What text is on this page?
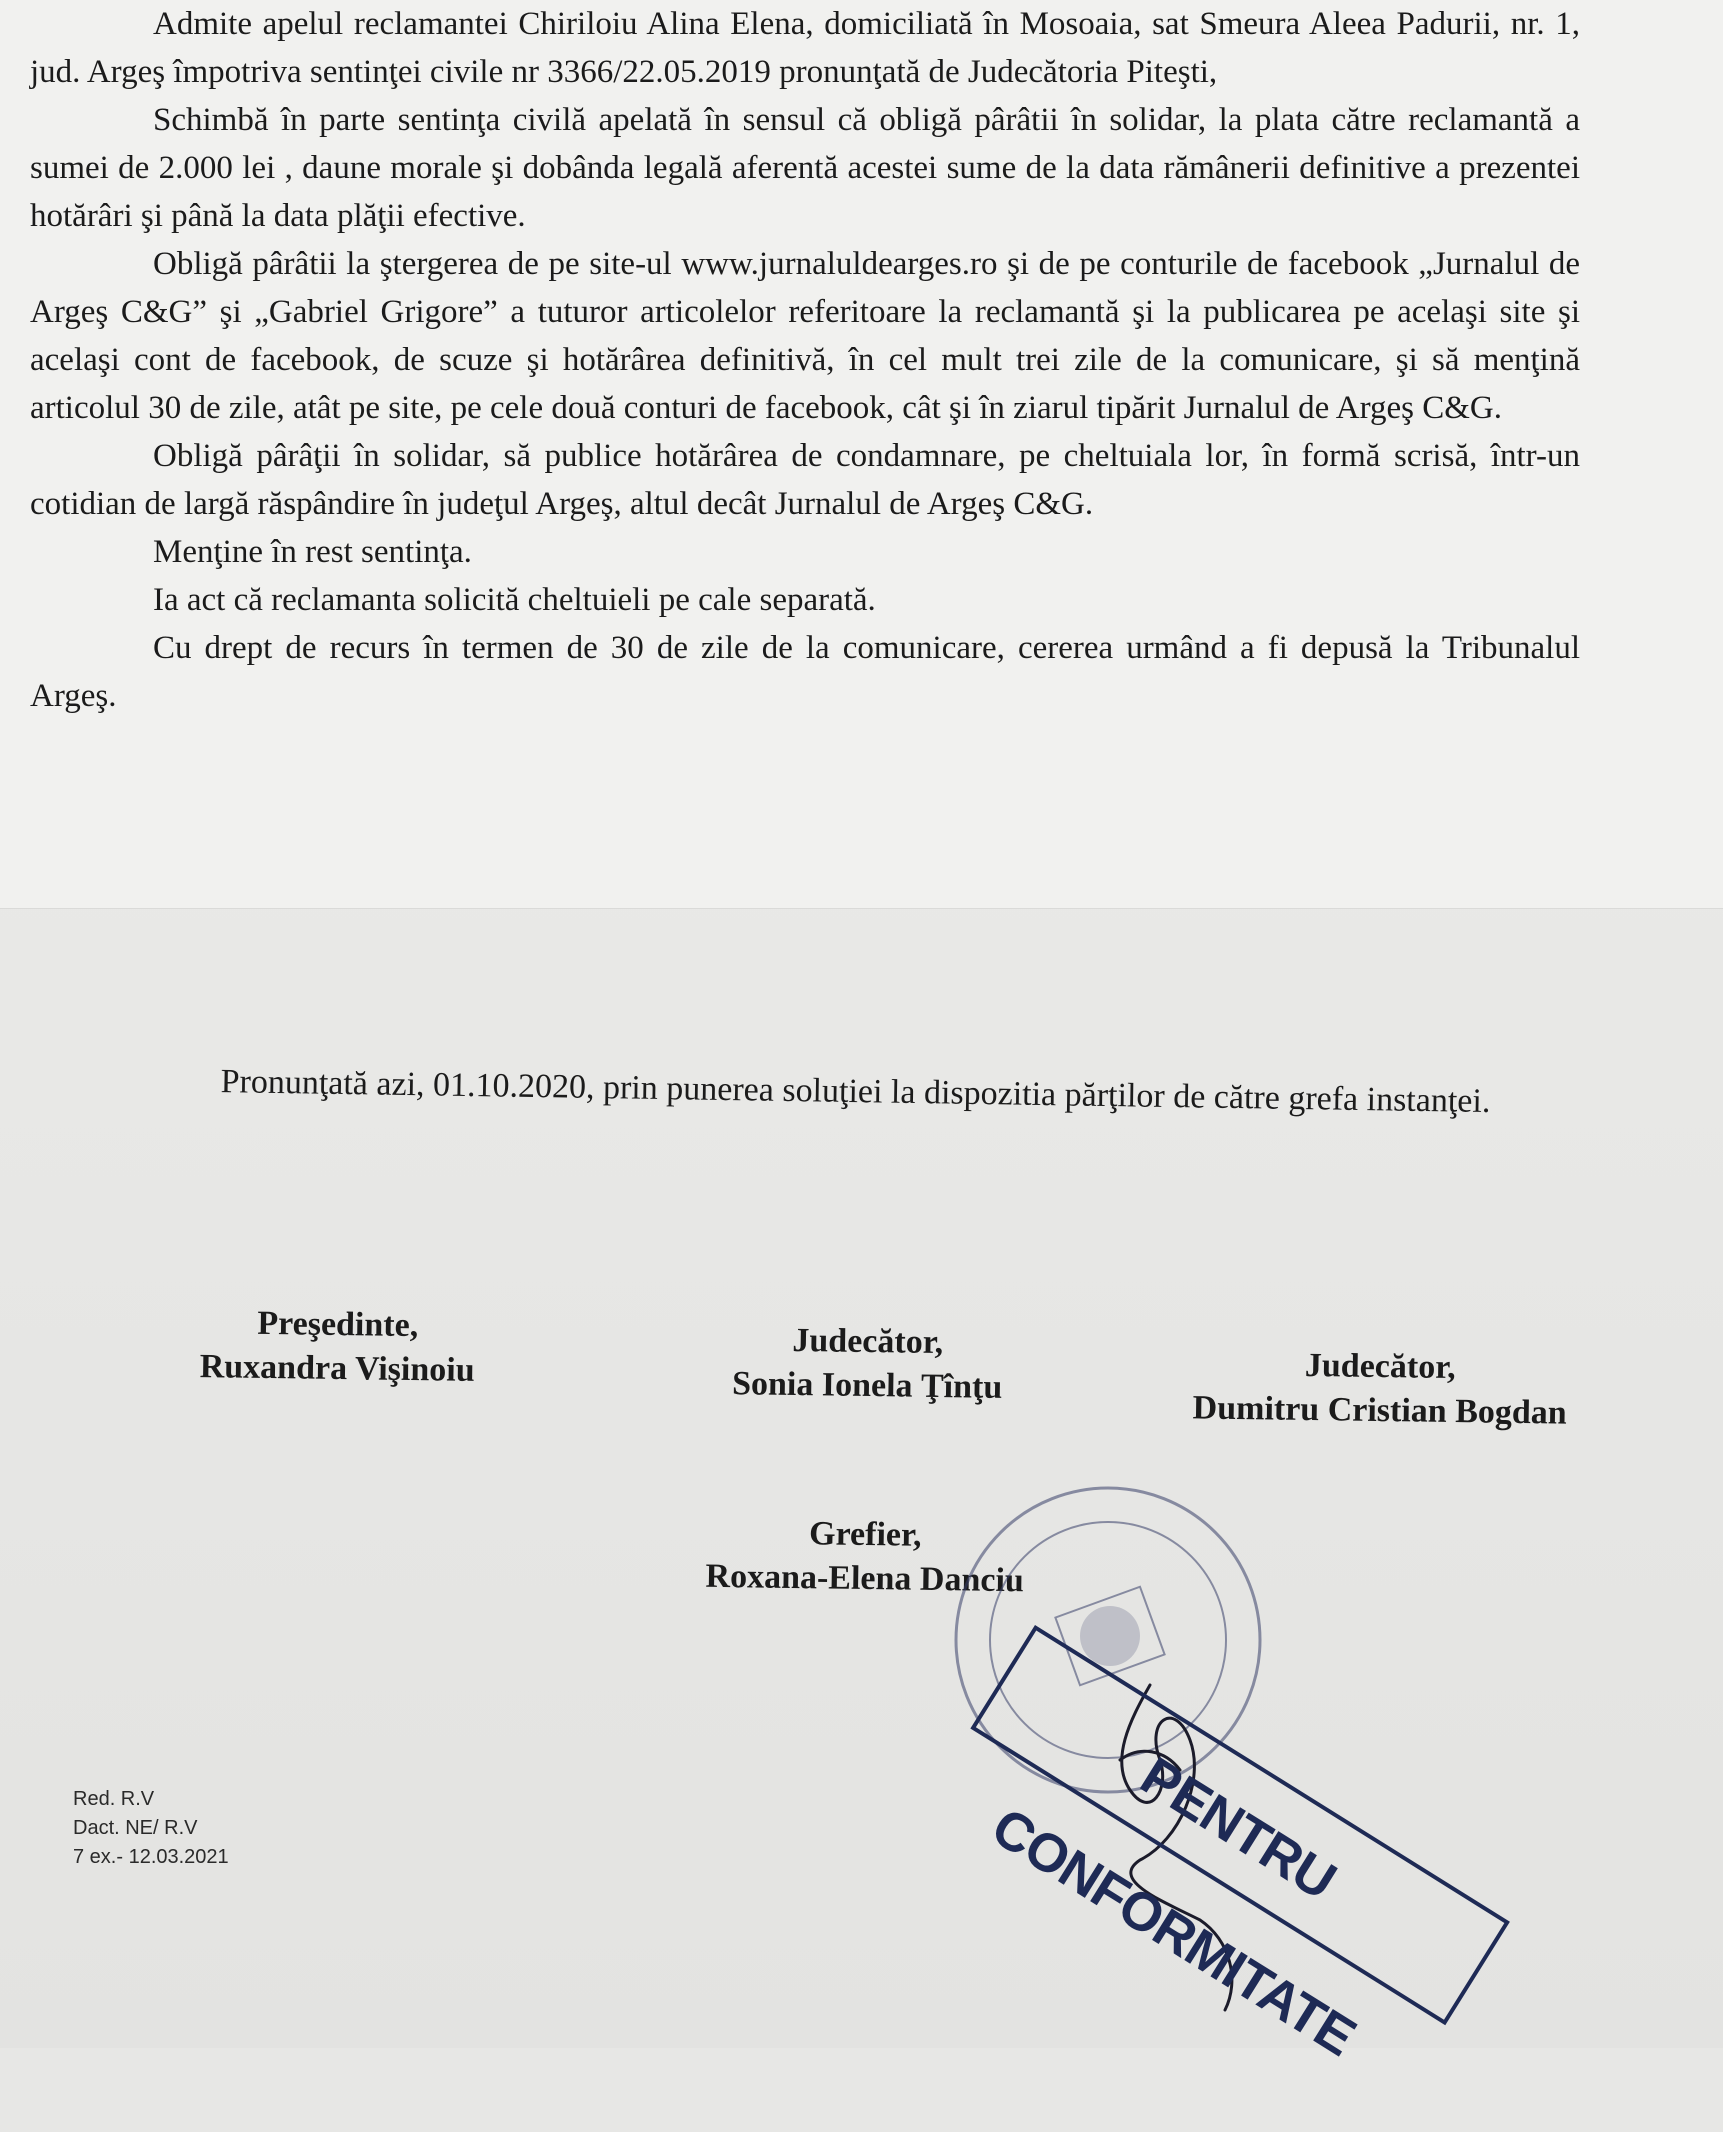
Admite apelul reclamantei Chiriloiu Alina Elena, domiciliată în Mosoaia, sat Smeura Aleea Padurii, nr. 1, jud. Argeş împotriva sentinţei civile nr 3366/22.05.2019 pronunţată de Judecătoria Piteşti,

Schimbă în parte sentinţa civilă apelată în sensul că obligă pârâtii în solidar, la plata către reclamantă a sumei de 2.000 lei , daune morale şi dobânda legală aferentă acestei sume de la data rămânerii definitive a prezentei hotărâri şi până la data plăţii efective.

Obligă pârâtii la ştergerea de pe site-ul www.jurnaluldearges.ro şi de pe conturile de facebook „Jurnalul de Argeş C&G” şi „Gabriel Grigore” a tuturor articolelor referitoare la reclamantă şi la publicarea pe acelaşi site şi acelaşi cont de facebook, de scuze şi hotărârea definitivă, în cel mult trei zile de la comunicare, şi să menţină articolul 30 de zile, atât pe site, pe cele două conturi de facebook, cât şi în ziarul tipărit Jurnalul de Argeş C&G.

Obligă pârâţii în solidar, să publice hotărârea de condamnare, pe cheltuiala lor, în formă scrisă, într-un cotidian de largă răspândire în judeţul Argeş, altul decât Jurnalul de Argeş C&G.

Menţine în rest sentinţa.

Ia act că reclamanta solicită cheltuieli pe cale separată.

Cu drept de recurs în termen de 30 de zile de la comunicare, cererea urmând a fi depusă la Tribunalul Argeş.

Pronunţată azi, 01.10.2020, prin punerea soluţiei la dispozitia părţilor de către grefa instanţei.
Preşedinte,
Ruxandra Vişinoiu
Judecător,
Sonia Ionela Ţînţu	Judecător,
Dumitru Cristian Bogdan
Grefier,
Roxana-Elena Danciu
Red. R.V
Dact. NE/ R.V
7 ex.- 12.03.2021	PENTRU CONFORMITATE
